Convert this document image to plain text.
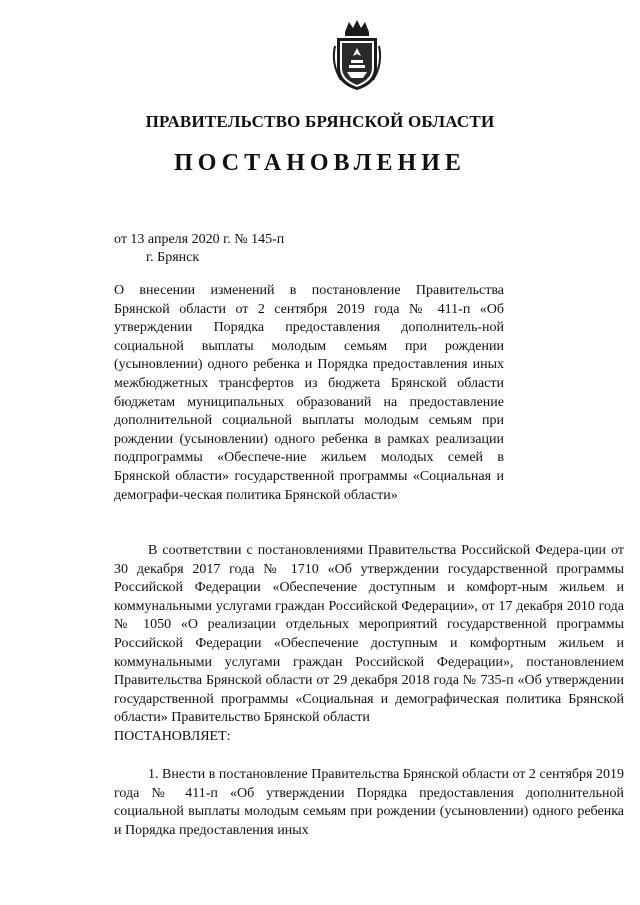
ПРАВИТЕЛЬСТВО БРЯНСКОЙ ОБЛАСТИ
ПОСТАНОВЛЕНИЕ
от 13 апреля 2020 г. № 145-п
г. Брянск
О внесении изменений в постановление Правительства Брянской области от 2 сентября 2019 года № 411-п «Об утверждении Порядка предоставления дополнитель-ной социальной выплаты молодым семьям при рождении (усыновлении) одного ребенка и Порядка предоставления иных межбюджетных трансфертов из бюджета Брянской области бюджетам муниципальных образований на предоставление дополнительной социальной выплаты молодым семьям при рождении (усыновлении) одного ребенка в рамках реализации подпрограммы «Обеспече-ние жильем молодых семей в Брянской области» государственной программы «Социальная и демографи-ческая политика Брянской области»
В соответствии с постановлениями Правительства Российской Федера-ции от 30 декабря 2017 года № 1710 «Об утверждении государственной программы Российской Федерации «Обеспечение доступным и комфорт-ным жильем и коммунальными услугами граждан Российской Федерации», от 17 декабря 2010 года № 1050 «О реализации отдельных мероприятий государственной программы Российской Федерации «Обеспечение доступным и комфортным жильем и коммунальными услугами граждан Российской Федерации», постановлением Правительства Брянской области от 29 декабря 2018 года № 735-п «Об утверждении государственной программы «Социальная и демографическая политика Брянской области» Правительство Брянской области
ПОСТАНОВЛЯЕТ:
1. Внести в постановление Правительства Брянской области от 2 сентября 2019 года № 411-п «Об утверждении Порядка предоставления дополнительной социальной выплаты молодым семьям при рождении (усыновлении) одного ребенка и Порядка предоставления иных
